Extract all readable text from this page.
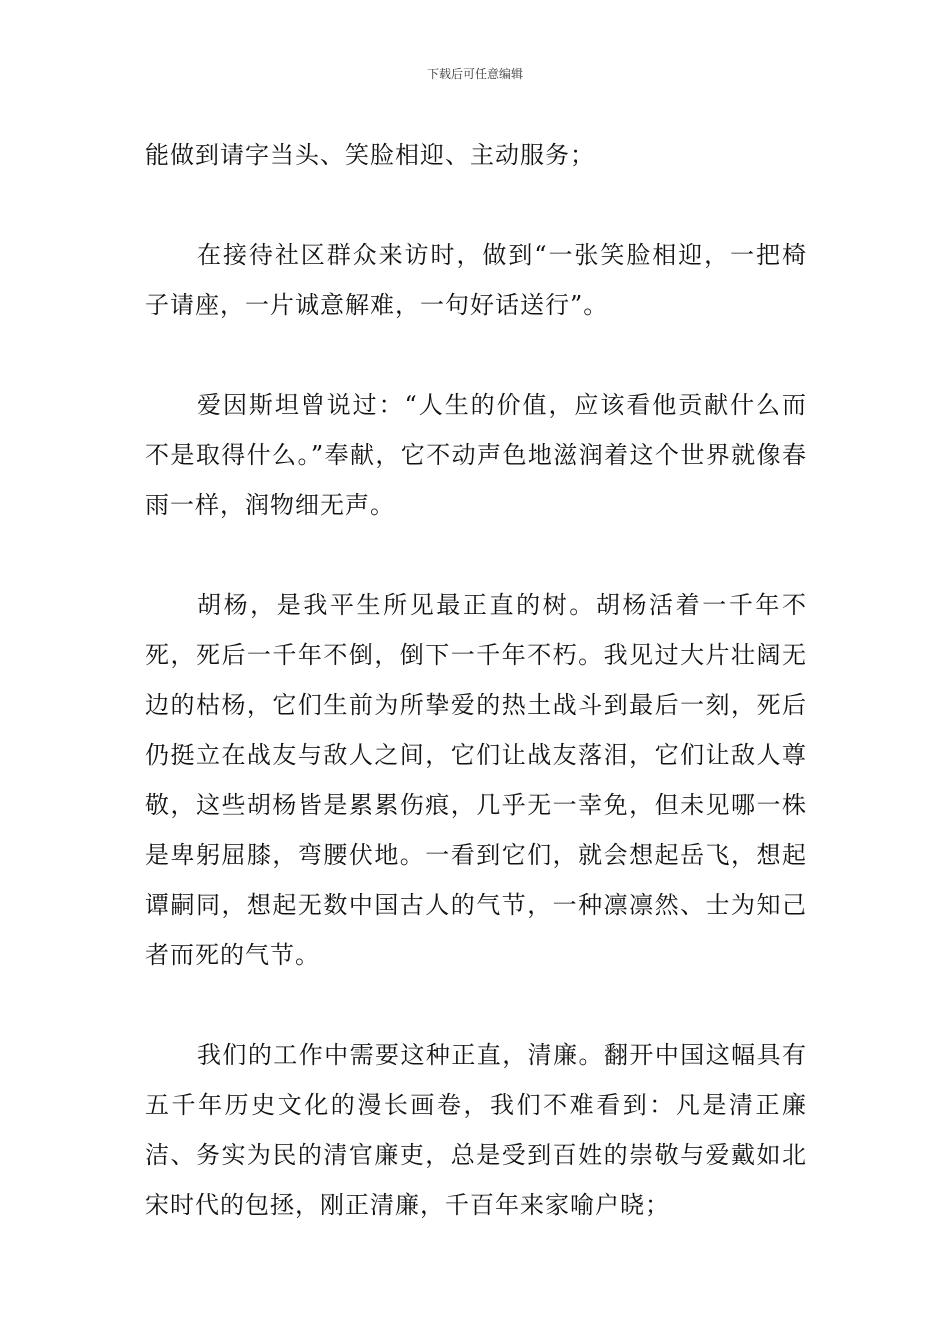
下载后可任意编辑

能做到请字当头、笑脸相迎、主动服务；

在接待社区群众来访时，做到“一张笑脸相迎，一把椅子请座，一片诚意解难，一句好话送行”。

爱因斯坦曾说过：“人生的价值，应该看他贡献什么而不是取得什么。”奉献，它不动声色地滋润着这个世界就像春雨一样，润物细无声。

胡杨，是我平生所见最正直的树。胡杨活着一千年不死，死后一千年不倒，倒下一千年不朽。我见过大片壮阔无边的枯杨，它们生前为所挚爱的热土战斗到最后一刻，死后仍挺立在战友与敌人之间，它们让战友落泪，它们让敌人尊敬，这些胡杨皆是累累伤痕，几乎无一幸免，但未见哪一株是卑躬屈膝，弯腰伏地。一看到它们，就会想起岳飞，想起谭嗣同，想起无数中国古人的气节，一种凛凛然、士为知己者而死的气节。

我们的工作中需要这种正直，清廉。翻开中国这幅具有五千年历史文化的漫长画卷，我们不难看到：凡是清正廉洁、务实为民的清官廉吏，总是受到百姓的崇敬与爱戴如北宋时代的包拯，刚正清廉，千百年来家喻户晓；
